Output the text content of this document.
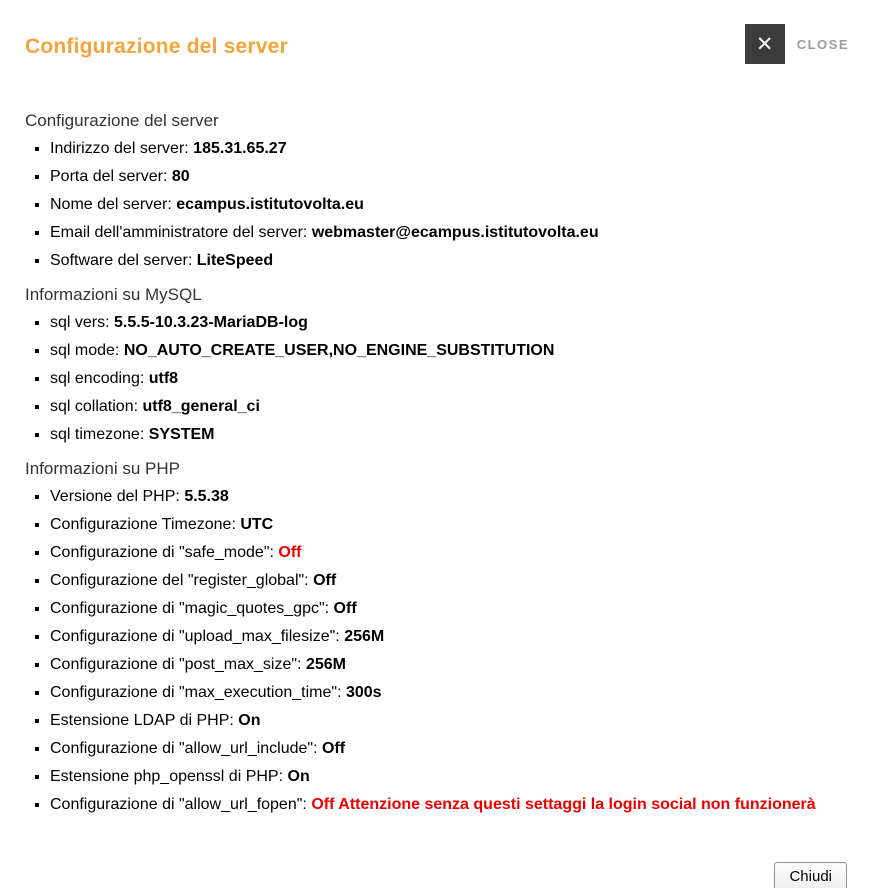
Configurazione del server	✕	CLOSE
Configurazione del server
▪ Indirizzo del server: 185.31.65.27
▪ Porta del server: 80
▪ Nome del server: ecampus.istitutovolta.eu
▪ Email dell'amministratore del server: webmaster@ecampus.istitutovolta.eu
▪ Software del server: LiteSpeed
Informazioni su MySQL
▪ sql vers: 5.5.5-10.3.23-MariaDB-log
▪ sql mode: NO_AUTO_CREATE_USER,NO_ENGINE_SUBSTITUTION
▪ sql encoding: utf8
▪ sql collation: utf8_general_ci
▪ sql timezone: SYSTEM
Informazioni su PHP
▪ Versione del PHP: 5.5.38
▪ Configurazione Timezone: UTC
▪ Configurazione di "safe_mode": Off
▪ Configurazione del "register_global": Off
▪ Configurazione di "magic_quotes_gpc": Off
▪ Configurazione di "upload_max_filesize": 256M
▪ Configurazione di "post_max_size": 256M
▪ Configurazione di "max_execution_time": 300s
▪ Estensione LDAP di PHP: On
▪ Configurazione di "allow_url_include": Off
▪ Estensione php_openssl di PHP: On
▪ Configurazione di "allow_url_fopen": Off Attenzione senza questi settaggi la login social non funzionerà
Chiudi
